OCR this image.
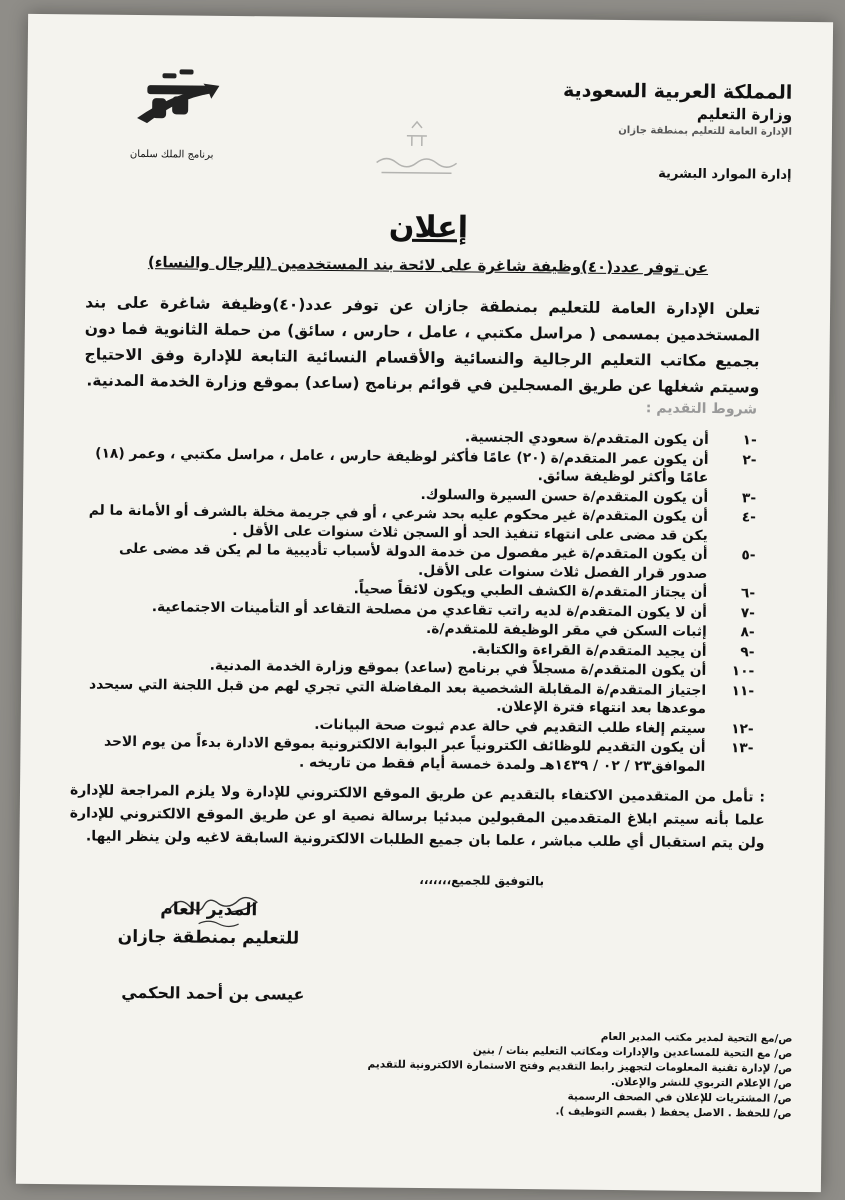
المملكة العربية السعودية
وزارة التعليم
الإدارة العامة للتعليم بمنطقة جازان
إدارة الموارد البشرية
برنامج الملك سلمان
إعلان
عن توفر عدد(٤٠)وظيفة شاغرة على لائحة بند المستخدمين (للرجال والنساء)
تعلن الإدارة العامة للتعليم بمنطقة جازان عن توفر عدد(٤٠)وظيفة شاغرة على بند المستخدمين بمسمى ( مراسل مكتبي ، عامل ، حارس ، سائق) من حملة الثانوية فما دون بجميع مكاتب التعليم الرجالية والنسائية والأقسام النسائية التابعة للإدارة وفق الاحتياج وسيتم شغلها عن طريق المسجلين في قوائم برنامج (ساعد) بموقع وزارة الخدمة المدنية.
شروط التقديم :
-١
أن يكون المتقدم/ة سعودي الجنسية.
-٢
أن يكون عمر المتقدم/ة (٢٠) عامًا فأكثر لوظيفة حارس ، عامل ، مراسل مكتبي ، وعمر (١٨) عامًا وأكثر لوظيفة سائق.
-٣
أن يكون المتقدم/ة حسن السيرة والسلوك.
-٤
أن يكون المتقدم/ة غير محكوم عليه بحد شرعي ، أو في جريمة مخلة بالشرف أو الأمانة ما لم يكن قد مضى على انتهاء تنفيذ الحد أو السجن ثلاث سنوات على الأقل .
-٥
أن يكون المتقدم/ة غير مفصول من خدمة الدولة لأسباب تأديبية ما لم يكن قد مضى على صدور قرار الفصل ثلاث سنوات على الأقل.
-٦
أن يجتاز المتقدم/ة الكشف الطبي ويكون لائقاً صحياً.
-٧
أن لا يكون المتقدم/ة لديه راتب تقاعدي من مصلحة التقاعد أو التأمينات الاجتماعية.
-٨
إثبات السكن في مقر الوظيفة للمتقدم/ة.
-٩
أن يجيد المتقدم/ة القراءة والكتابة.
-١٠
أن يكون المتقدم/ة مسجلاً في برنامج (ساعد) بموقع وزارة الخدمة المدنية.
-١١
اجتياز المتقدم/ة المقابلة الشخصية بعد المفاضلة التي تجري لهم من قبل اللجنة التي سيحدد موعدها بعد انتهاء فترة الإعلان.
-١٢
سيتم إلغاء طلب التقديم في حالة عدم ثبوت صحة البيانات.
-١٣
أن يكون التقديم للوظائف الكترونياً عبر البوابة الالكترونية بموقع الادارة بدءاً من يوم الاحد الموافق٢٣ / ٠٢ / ١٤٣٩هـ ولمدة خمسة أيام فقط من تاريخه .
: تأمل من المتقدمين الاكتفاء بالتقديم عن طريق الموقع الالكتروني للإدارة ولا يلزم المراجعة للإدارة علما بأنه سيتم ابلاغ المتقدمين المقبولين مبدئيا برسالة نصية او عن طريق الموقع الالكتروني للإدارة ولن يتم استقبال أي طلب مباشر ، علما بان جميع الطلبات الالكترونية السابقة لاغيه ولن ينظر اليها.
بالتوفيق للجميع،،،،،،،
المدير العام
للتعليم بمنطقة جازان
عيسى بن أحمد الحكمي
ص/مع التحية لمدير مكتب المدير العام
ص/ مع التحية للمساعدين والإدارات ومكاتب التعليم بنات / بنين
ص/ لإدارة تقنية المعلومات لتجهيز رابط التقديم وفتح الاستمارة الالكترونية للتقديم
ص/ الإعلام التربوي للنشر والإعلان.
ص/ المشتريات للإعلان في الصحف الرسمية
ص/ للحفظ . الاصل يحفظ ( بقسم التوظيف ).
